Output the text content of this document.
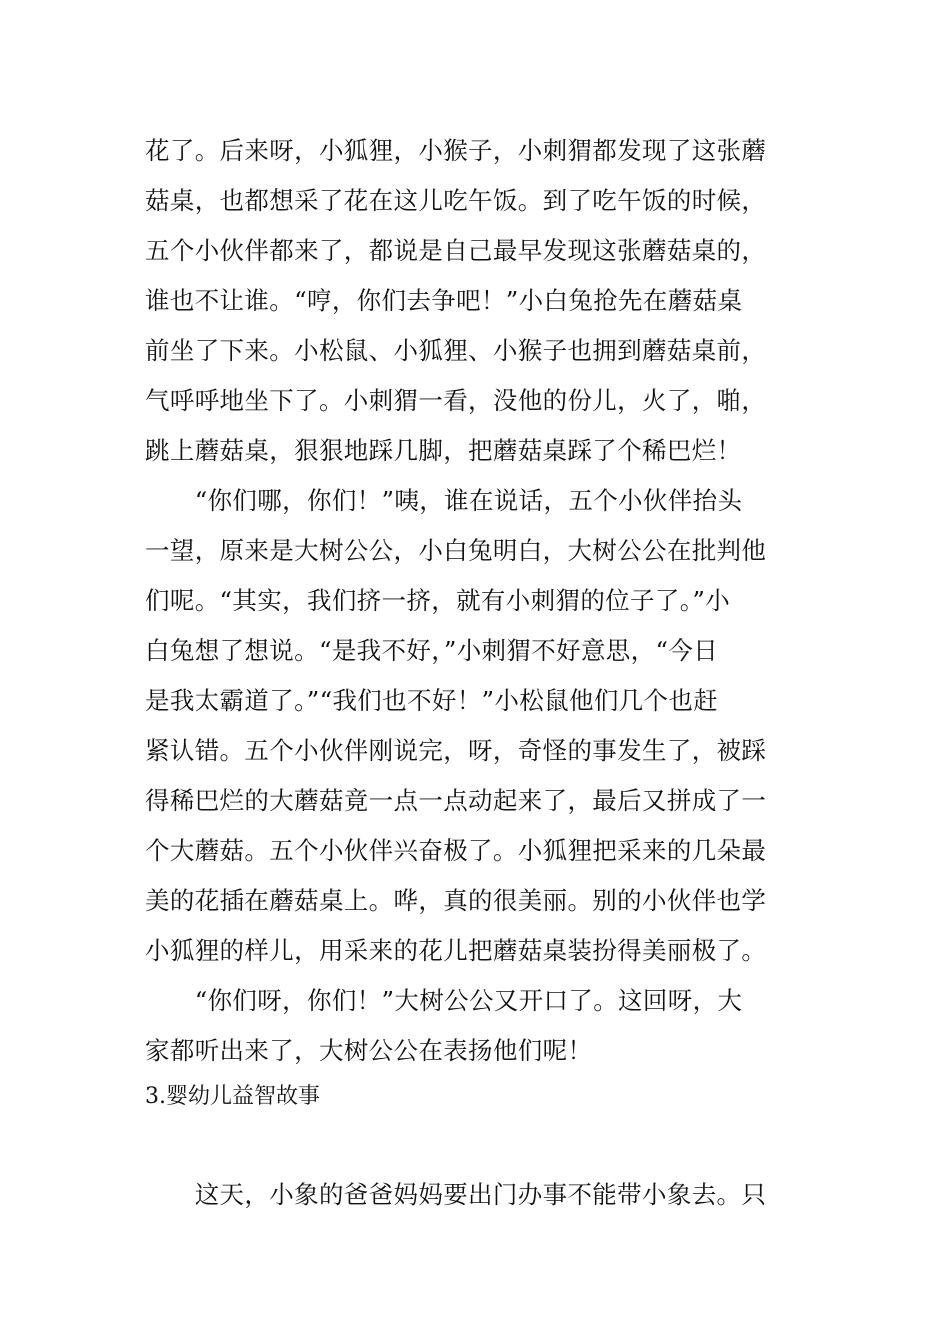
花了。后来呀，小狐狸，小猴子，小刺猬都发现了这张蘑
菇桌，也都想采了花在这儿吃午饭。到了吃午饭的时候，
五个小伙伴都来了，都说是自己最早发现这张蘑菇桌的，
谁也不让谁。“哼，你们去争吧！”小白兔抢先在蘑菇桌
前坐了下来。小松鼠、小狐狸、小猴子也拥到蘑菇桌前，
气呼呼地坐下了。小刺猬一看，没他的份儿，火了，啪，
跳上蘑菇桌，狠狠地踩几脚，把蘑菇桌踩了个稀巴烂！
　　“你们哪，你们！”咦，谁在说话，五个小伙伴抬头
一望，原来是大树公公，小白兔明白，大树公公在批判他
们呢。“其实，我们挤一挤，就有小刺猬的位子了。”小
白兔想了想说。“是我不好，”小刺猬不好意思，“今日
是我太霸道了。”“我们也不好！”小松鼠他们几个也赶
紧认错。五个小伙伴刚说完，呀，奇怪的事发生了，被踩
得稀巴烂的大蘑菇竟一点一点动起来了，最后又拼成了一
个大蘑菇。五个小伙伴兴奋极了。小狐狸把采来的几朵最
美的花插在蘑菇桌上。哗，真的很美丽。别的小伙伴也学
小狐狸的样儿，用采来的花儿把蘑菇桌装扮得美丽极了。
　　“你们呀，你们！”大树公公又开口了。这回呀，大
家都听出来了，大树公公在表扬他们呢！
3.婴幼儿益智故事
　　这天，小象的爸爸妈妈要出门办事不能带小象去。只
